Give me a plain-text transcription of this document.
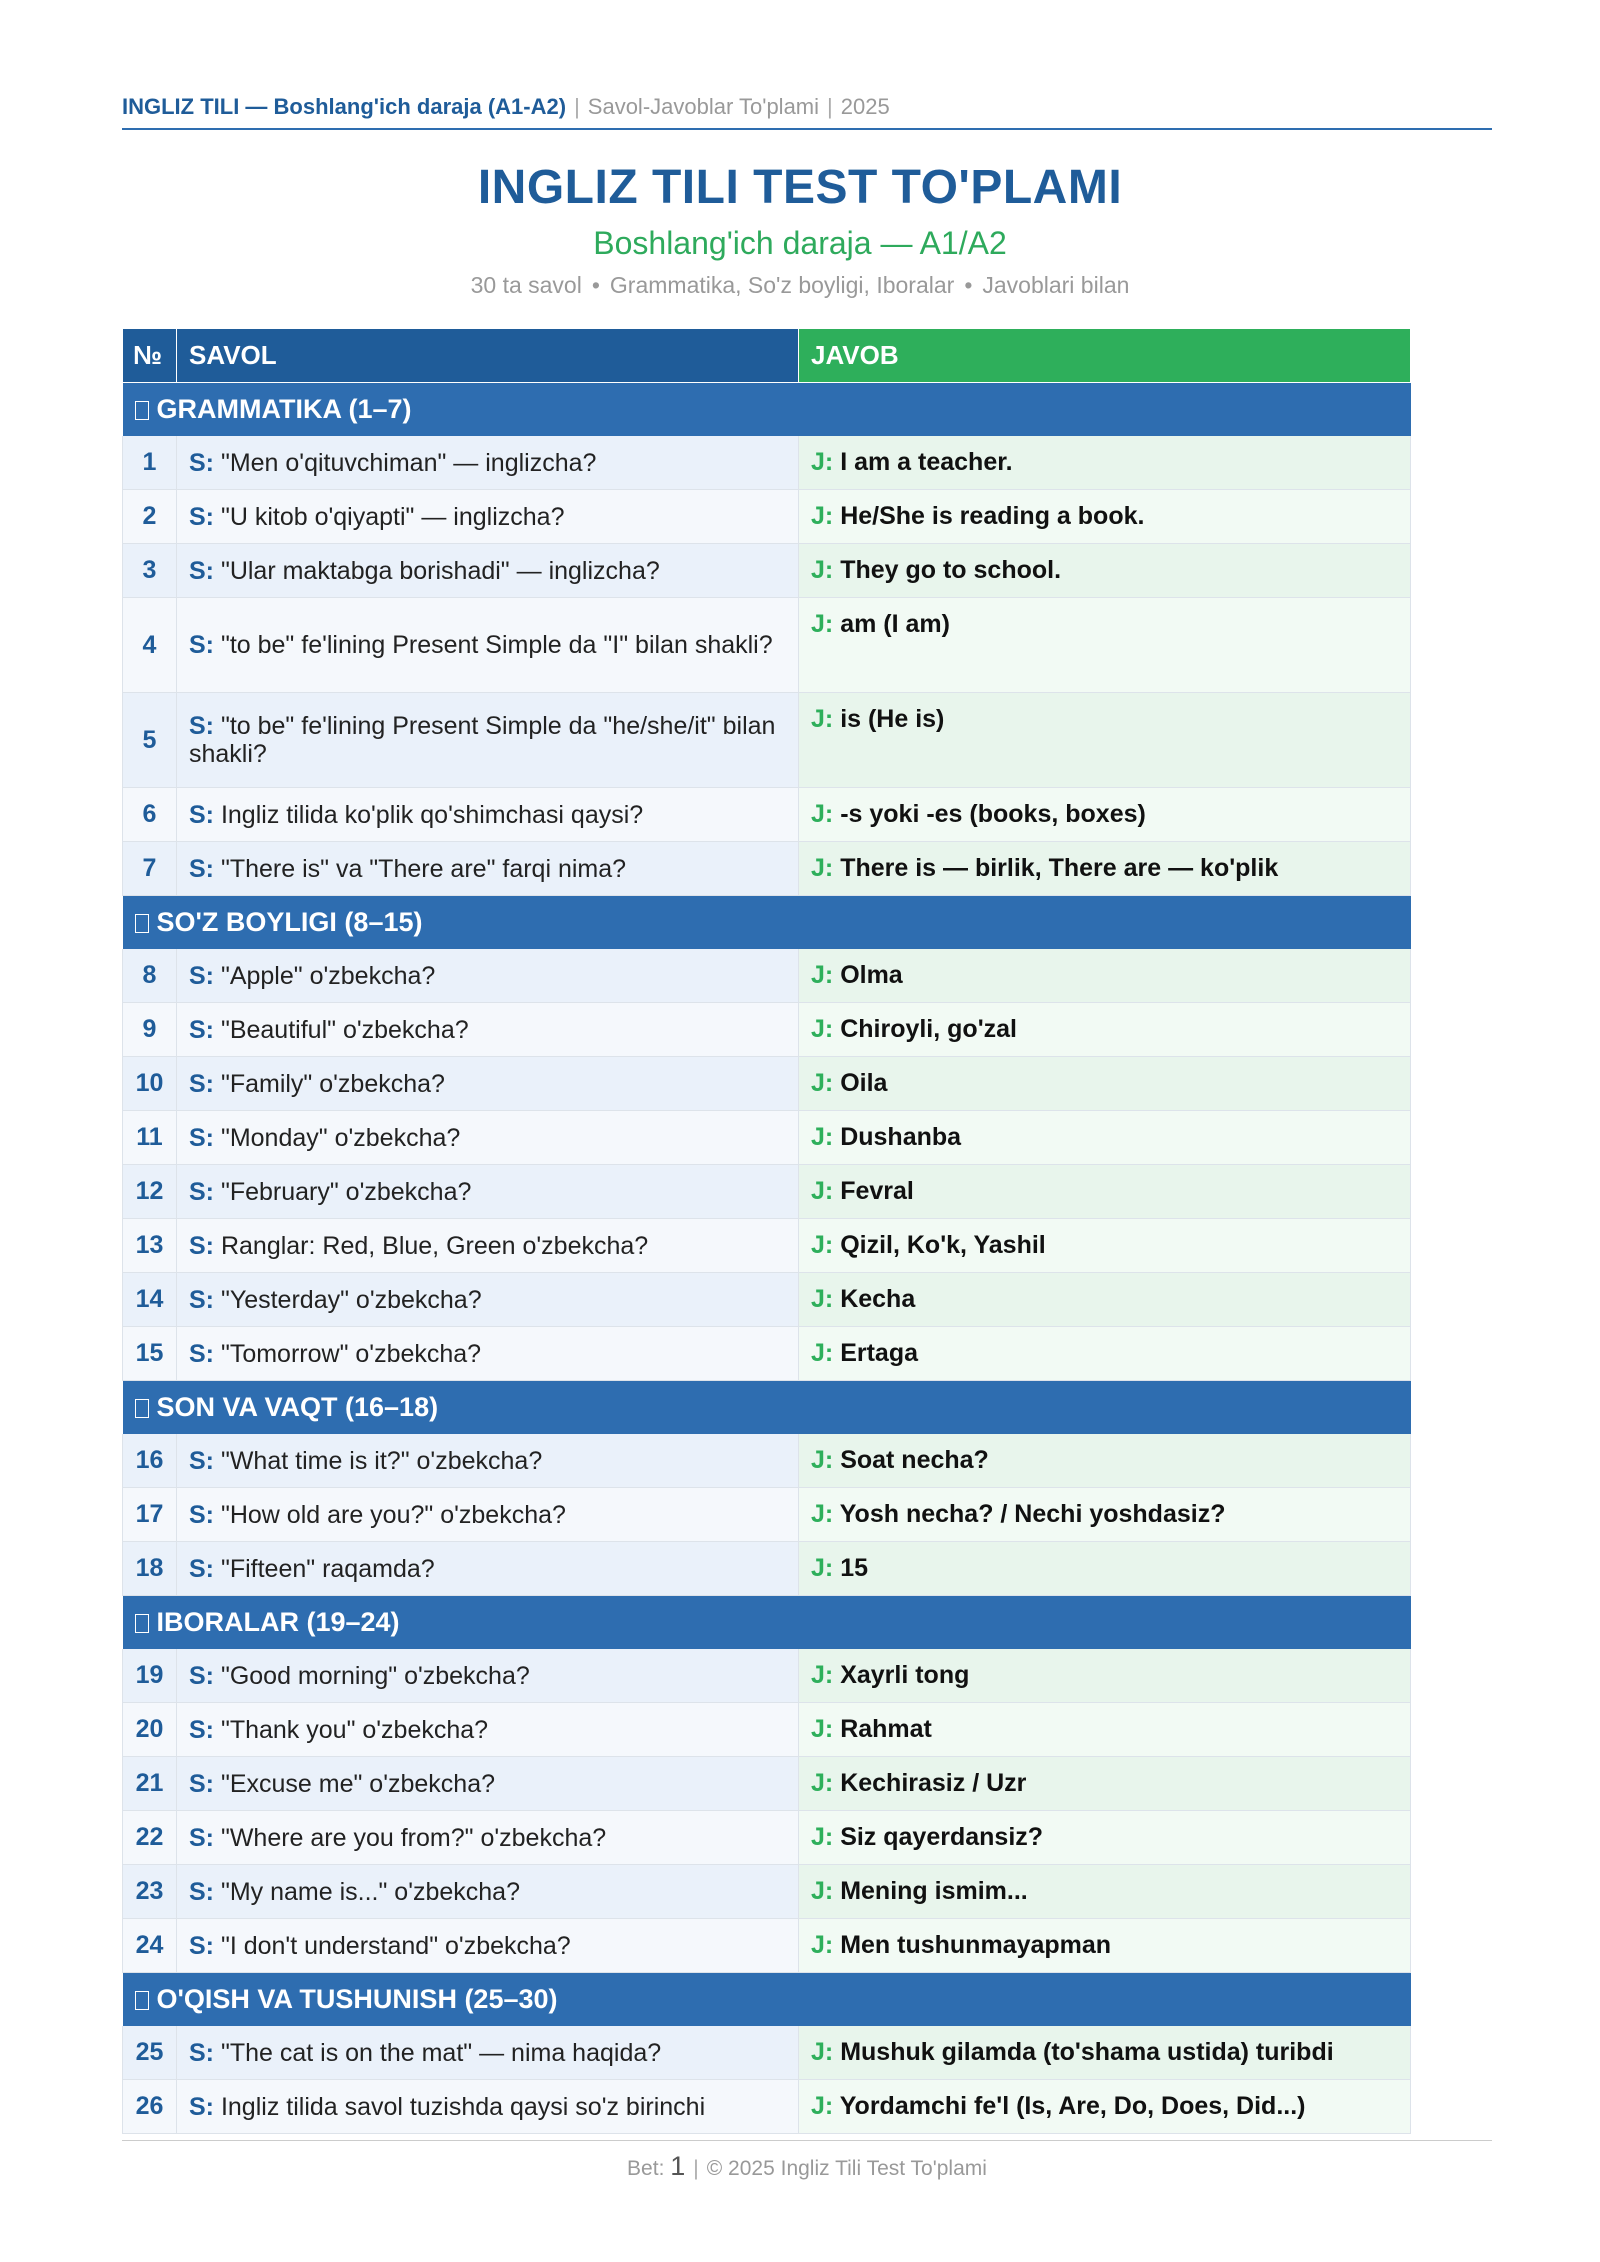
INGLIZ TILI — Boshlang'ich daraja (A1-A2) | Savol-Javoblar To'plami | 2025
INGLIZ TILI TEST TO'PLAMI
Boshlang'ich daraja — A1/A2
30 ta savol • Grammatika, So'z boyligi, Iboralar • Javoblari bilan
№	SAVOL	JAVOB
GRAMMATIKA (1–7)		
1	S: "Men o'qituvchiman" — inglizcha?	J: I am a teacher.
2	S: "U kitob o'qiyapti" — inglizcha?	J: He/She is reading a book.
3	S: "Ular maktabga borishadi" — inglizcha?	J: They go to school.
4	S: "to be" fe'lining Present Simple da "I" bilan shakli?	J: am (I am)
5	S: "to be" fe'lining Present Simple da "he/she/it" bilan shakli?	J: is (He is)
6	S: Ingliz tilida ko'plik qo'shimchasi qaysi?	J: -s yoki -es (books, boxes)
7	S: "There is" va "There are" farqi nima?	J: There is — birlik, There are — ko'plik
SO'Z BOYLIGI (8–15)		
8	S: "Apple" o'zbekcha?	J: Olma
9	S: "Beautiful" o'zbekcha?	J: Chiroyli, go'zal
10	S: "Family" o'zbekcha?	J: Oila
11	S: "Monday" o'zbekcha?	J: Dushanba
12	S: "February" o'zbekcha?	J: Fevral
13	S: Ranglar: Red, Blue, Green o'zbekcha?	J: Qizil, Ko'k, Yashil
14	S: "Yesterday" o'zbekcha?	J: Kecha
15	S: "Tomorrow" o'zbekcha?	J: Ertaga
SON VA VAQT (16–18)		
16	S: "What time is it?" o'zbekcha?	J: Soat necha?
17	S: "How old are you?" o'zbekcha?	J: Yosh necha? / Nechi yoshdasiz?
18	S: "Fifteen" raqamda?	J: 15
IBORALAR (19–24)		
19	S: "Good morning" o'zbekcha?	J: Xayrli tong
20	S: "Thank you" o'zbekcha?	J: Rahmat
21	S: "Excuse me" o'zbekcha?	J: Kechirasiz / Uzr
22	S: "Where are you from?" o'zbekcha?	J: Siz qayerdansiz?
23	S: "My name is..." o'zbekcha?	J: Mening ismim...
24	S: "I don't understand" o'zbekcha?	J: Men tushunmayapman
O'QISH VA TUSHUNISH (25–30)		
25	S: "The cat is on the mat" — nima haqida?	J: Mushuk gilamda (to'shama ustida) turibdi
26	S: Ingliz tilida savol tuzishda qaysi so'z birinchi	J: Yordamchi fe'l (Is, Are, Do, Does, Did...)
Bet: 1 | © 2025 Ingliz Tili Test To'plami
